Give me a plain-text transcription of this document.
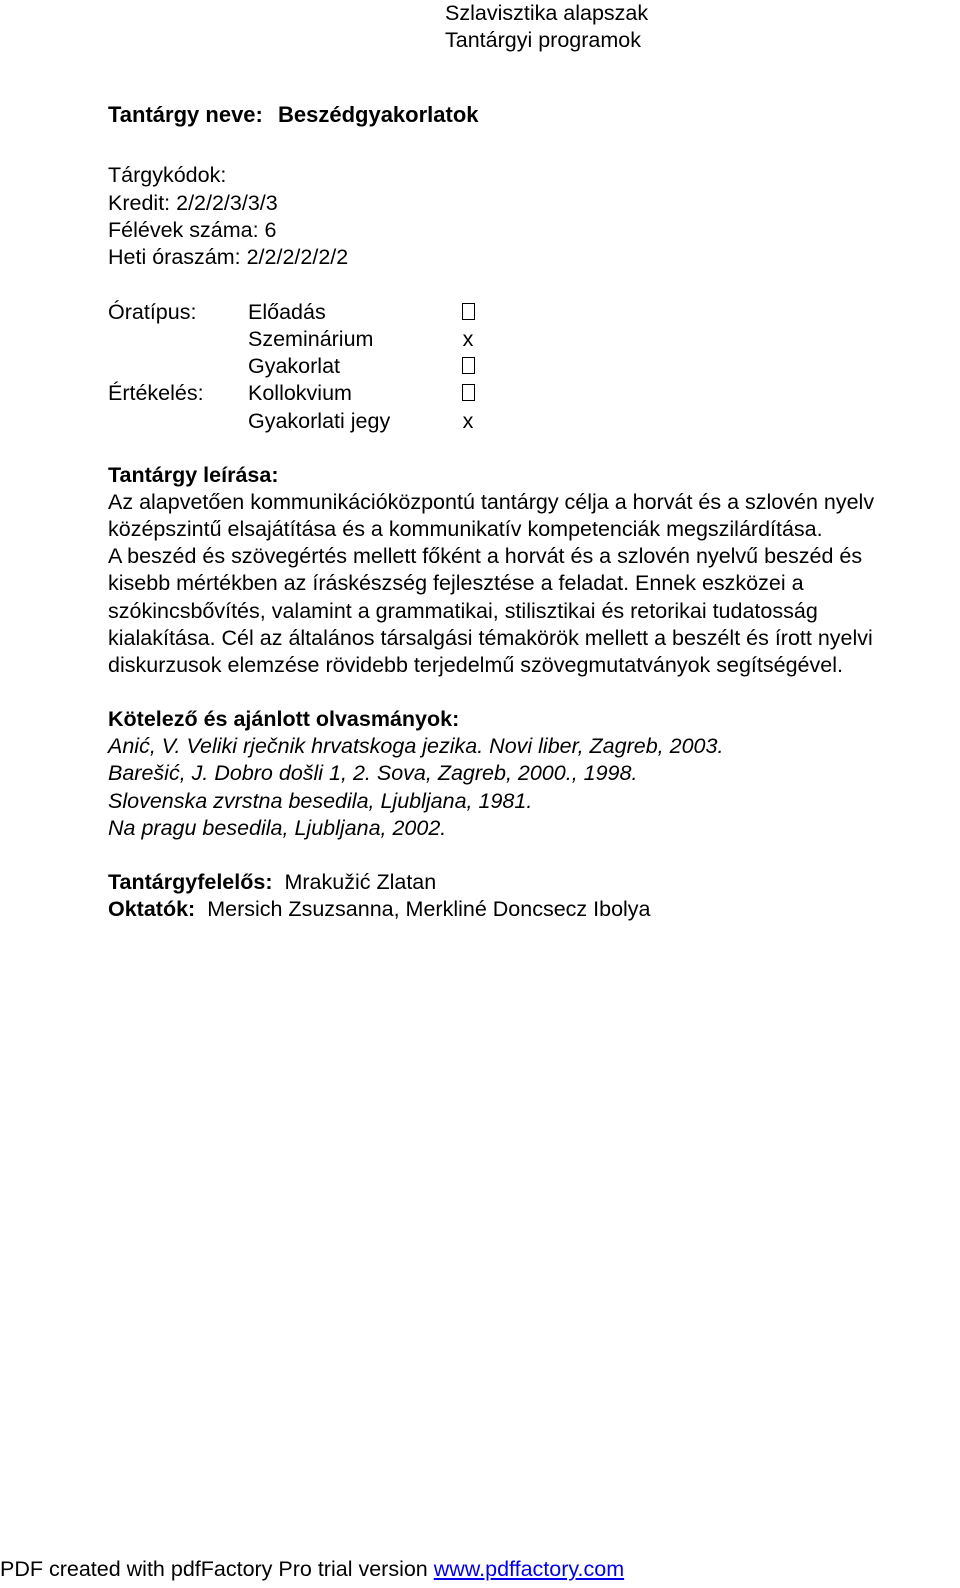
Szlavisztika alapszak
Tantárgyi programok
Tantárgy neve: Beszédgyakorlatok
Tárgykódok:
Kredit: 2/2/2/3/3/3
Félévek száma: 6
Heti óraszám: 2/2/2/2/2/2
Óratípus:
Értékelés:
Előadás
Szeminárium	x
Gyakorlat
Kollokvium
Gyakorlati jegy	x
Tantárgy leírása:
Az alapvetően kommunikációközpontú tantárgy célja a horvát és a szlovén nyelv
középszintű elsajátítása és a kommunikatív kompetenciák megszilárdítása.
A beszéd és szövegértés mellett főként a horvát és a szlovén nyelvű beszéd és
kisebb mértékben az íráskészség fejlesztése a feladat. Ennek eszközei a
szókincsbővítés, valamint a grammatikai, stilisztikai és retorikai tudatosság
kialakítása. Cél az általános társalgási témakörök mellett a beszélt és írott nyelvi
diskurzusok elemzése rövidebb terjedelmű szövegmutatványok segítségével.
Kötelező és ajánlott olvasmányok:
Anić, V. Veliki rječnik hrvatskoga jezika. Novi liber, Zagreb, 2003.
Barešić, J. Dobro došli 1, 2. Sova, Zagreb, 2000., 1998.
Slovenska zvrstna besedila, Ljubljana, 1981.
Na pragu besedila, Ljubljana, 2002.
Tantárgyfelelős: Mrakužić Zlatan
Oktatók: Mersich Zsuzsanna, Merkliné Doncsecz Ibolya
PDF created with pdfFactory Pro trial version www.pdffactory.com
